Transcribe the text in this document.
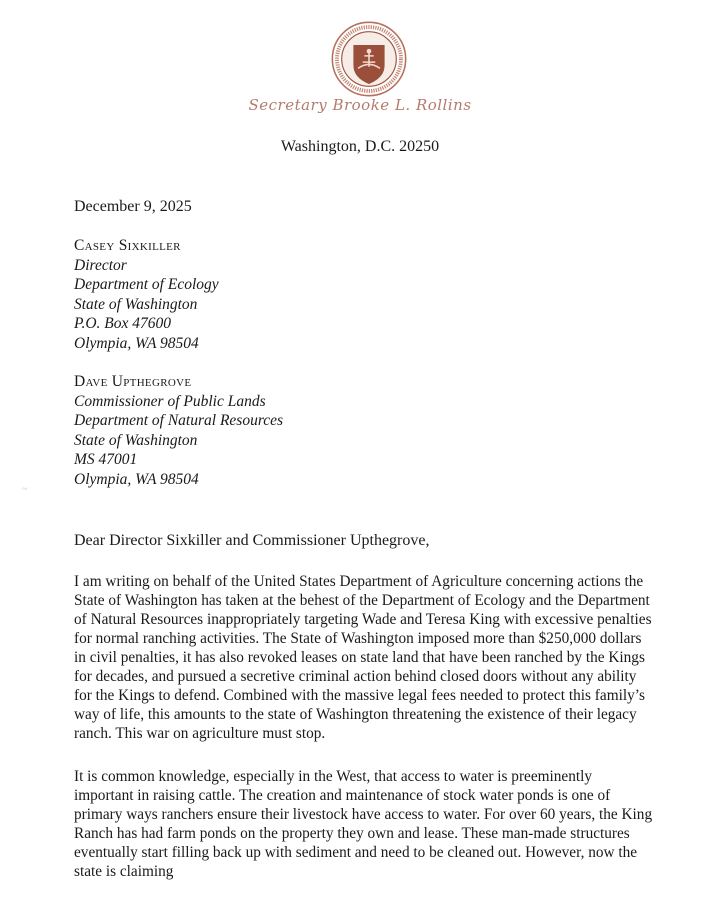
Secretary Brooke L. Rollins
Washington, D.C. 20250
December 9, 2025
Casey Sixkiller
Director
Department of Ecology
State of Washington
P.O. Box 47600
Olympia, WA 98504
Dave Upthegrove
Commissioner of Public Lands
Department of Natural Resources
State of Washington
MS 47001
Olympia, WA 98504
~
Dear Director Sixkiller and Commissioner Upthegrove,
I am writing on behalf of the United States Department of Agriculture concerning actions the State of Washington has taken at the behest of the Department of Ecology and the Department of Natural Resources inappropriately targeting Wade and Teresa King with excessive penalties for normal ranching activities. The State of Washington imposed more than $250,000 dollars in civil penalties, it has also revoked leases on state land that have been ranched by the Kings for decades, and pursued a secretive criminal action behind closed doors without any ability for the Kings to defend. Combined with the massive legal fees needed to protect this family’s way of life, this amounts to the state of Washington threatening the existence of their legacy ranch. This war on agriculture must stop.
It is common knowledge, especially in the West, that access to water is preeminently important in raising cattle. The creation and maintenance of stock water ponds is one of primary ways ranchers ensure their livestock have access to water. For over 60 years, the King Ranch has had farm ponds on the property they own and lease. These man-made structures eventually start filling back up with sediment and need to be cleaned out. However, now the state is claiming
